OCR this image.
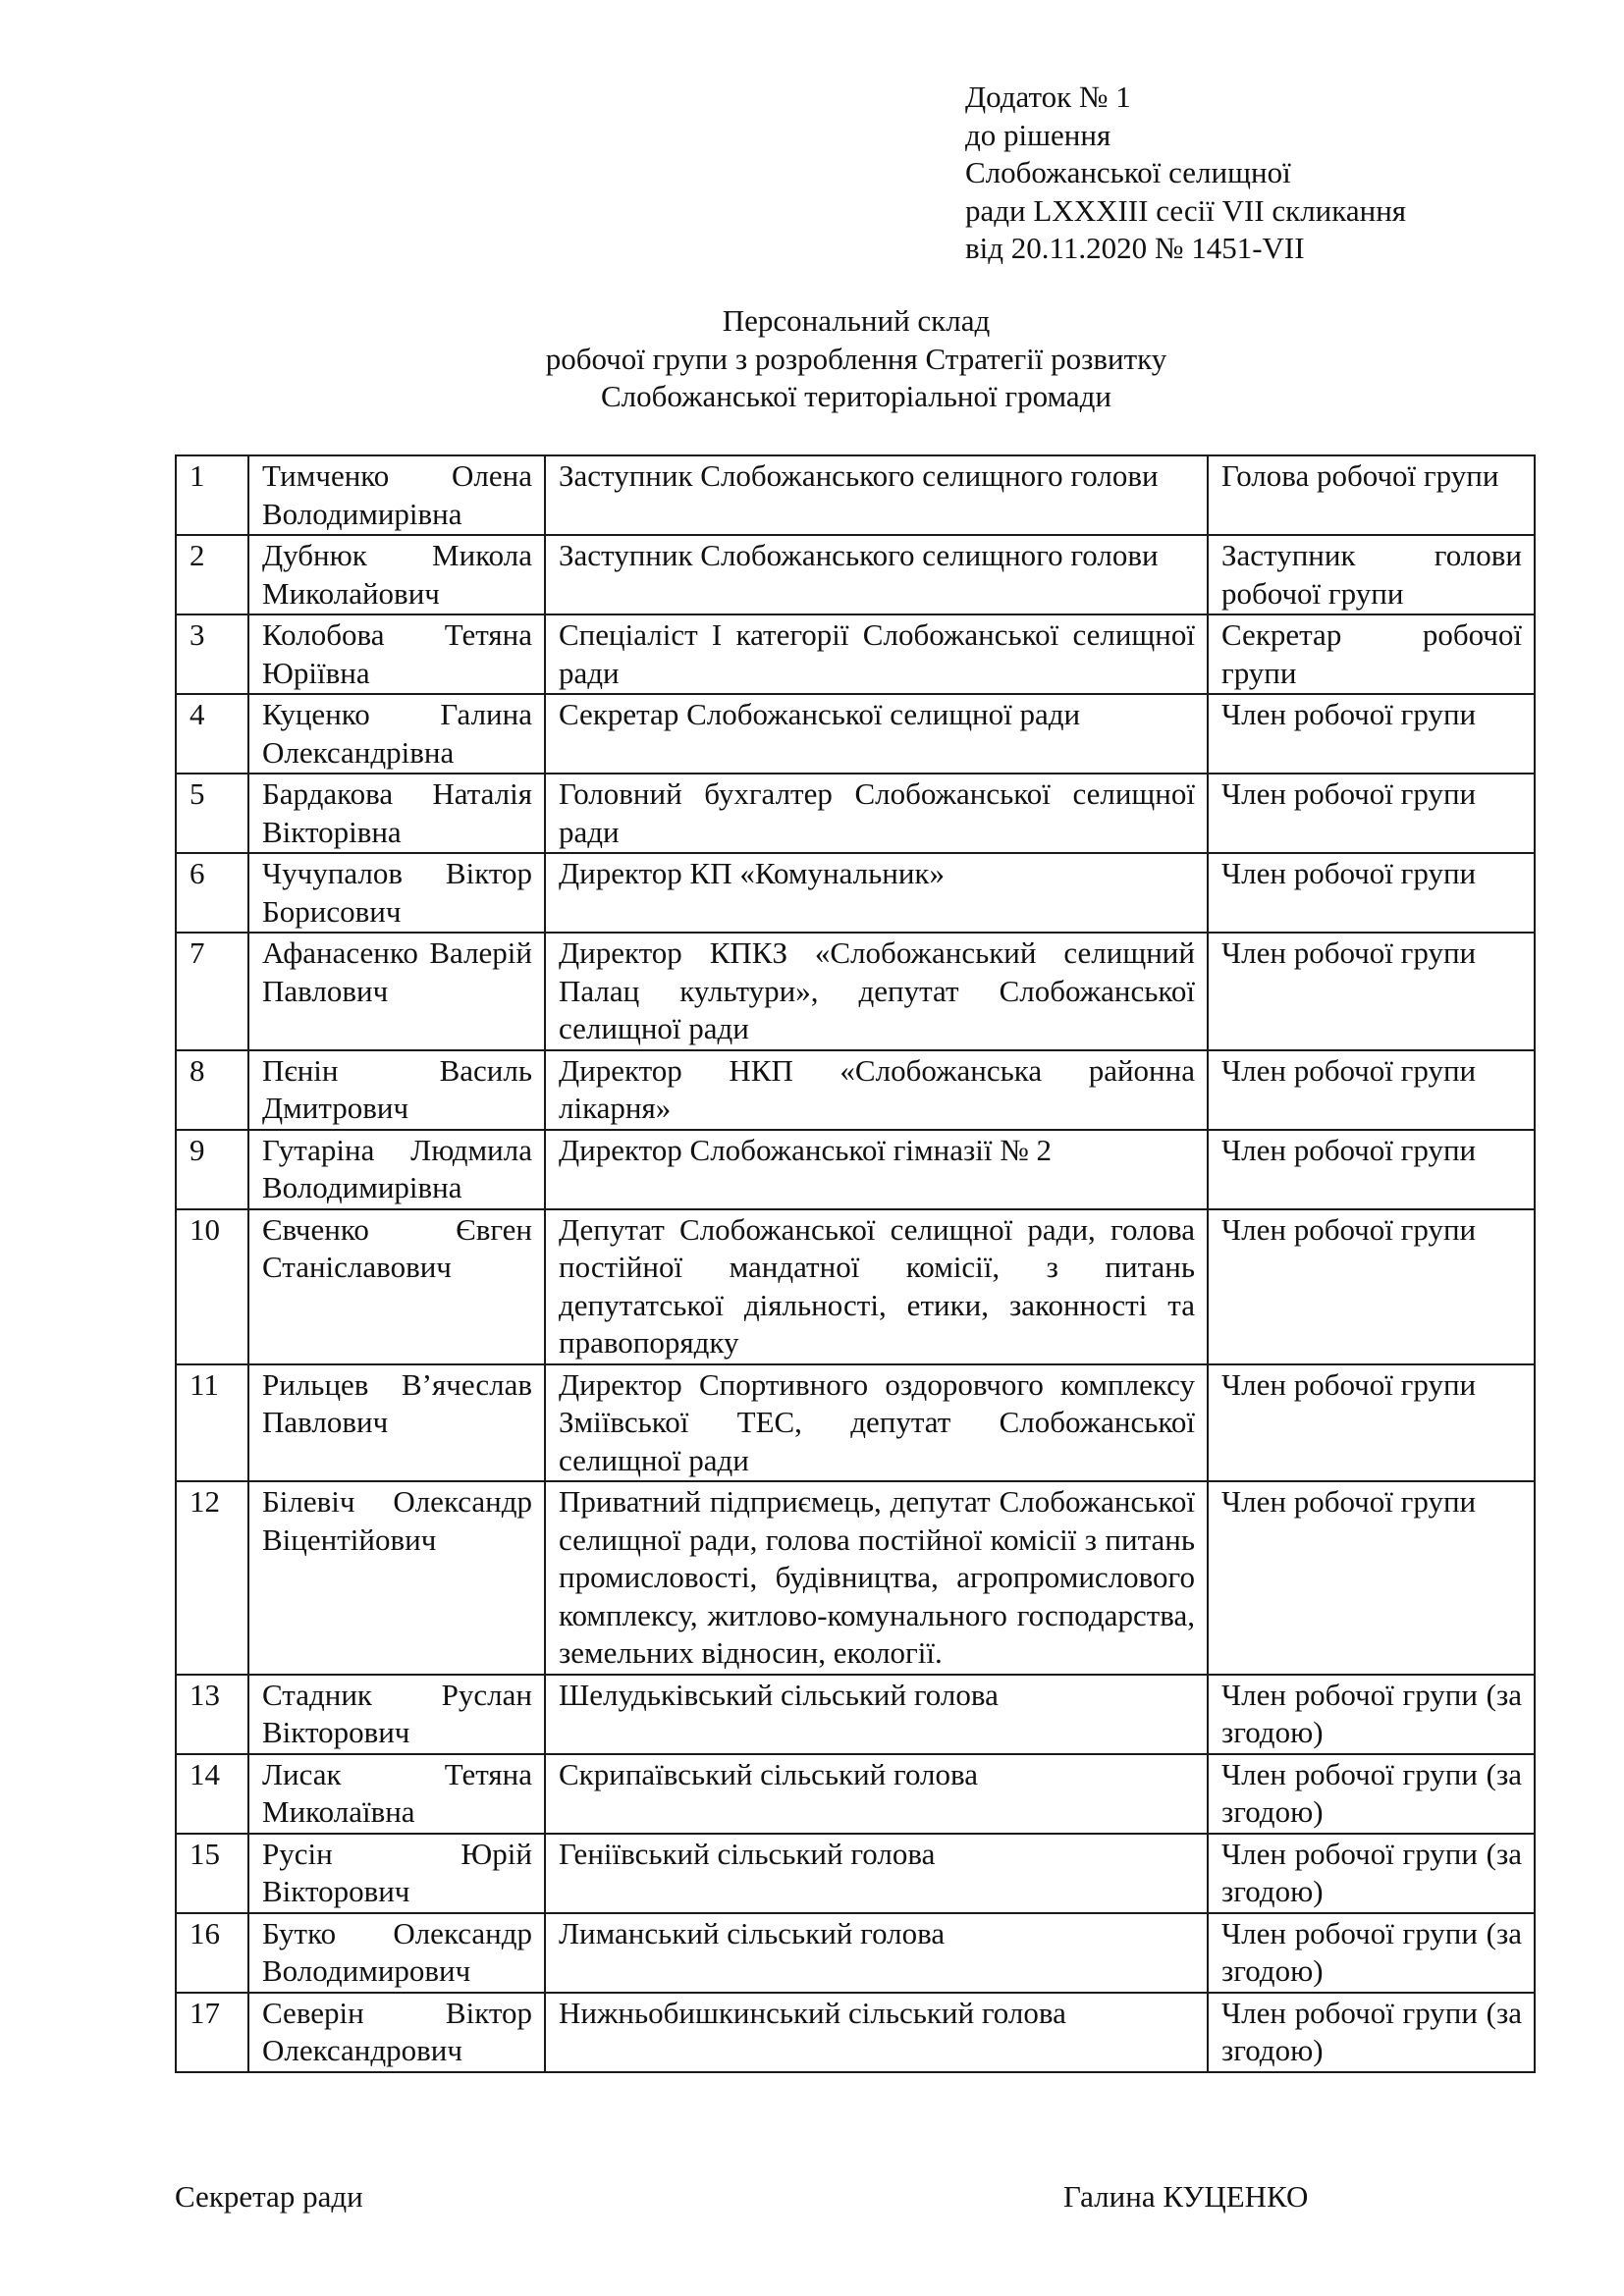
Додаток № 1
до рішення
Слобожанської селищної
ради LXXXIII сесії VII скликання
від 20.11.2020 № 1451-VII
Персональний склад
робочої групи з розроблення Стратегії розвитку
Слобожанської територіальної громади
1	Тимченко Олена Володимирівна	Заступник Слобожанського селищного голови	Голова робочої групи
2	Дубнюк Микола Миколайович	Заступник Слобожанського селищного голови	Заступник голови робочої групи
3	Колобова Тетяна Юріївна	Спеціаліст І категорії Слобожанської селищної ради	Секретар робочої групи
4	Куценко Галина Олександрівна	Секретар Слобожанської селищної ради	Член робочої групи
5	Бардакова Наталія Вікторівна	Головний бухгалтер Слобожанської селищної ради	Член робочої групи
6	Чучупалов Віктор Борисович	Директор КП «Комунальник»	Член робочої групи
7	Афанасенко Валерій Павлович	Директор КПКЗ «Слобожанський селищний Палац культури», депутат Слобожанської селищної ради	Член робочої групи
8	Пєнін Василь Дмитрович	Директор НКП «Слобожанська районна лікарня»	Член робочої групи
9	Гутаріна Людмила Володимирівна	Директор Слобожанської гімназії № 2	Член робочої групи
10	Євченко Євген Станіславович	Депутат Слобожанської селищної ради, голова постійної мандатної комісії, з питань депутатської діяльності, етики, законності та правопорядку	Член робочої групи
11	Рильцев В’ячеслав Павлович	Директор Спортивного оздоровчого комплексу Зміївської ТЕС, депутат Слобожанської селищної ради	Член робочої групи
12	Білевіч Олександр Віцентійович	Приватний підприємець, депутат Слобожанської селищної ради, голова постійної комісії з питань промисловості, будівництва, агропромислового комплексу, житлово-комунального господарства, земельних відносин, екології.	Член робочої групи
13	Стадник Руслан Вікторович	Шелудьківський сільський голова	Член робочої групи (за згодою)
14	Лисак Тетяна Миколаївна	Скрипаївський сільський голова	Член робочої групи (за згодою)
15	Русін Юрій Вікторович	Геніївський сільський голова	Член робочої групи (за згодою)
16	Бутко Олександр Володимирович	Лиманський сільський голова	Член робочої групи (за згодою)
17	Северін Віктор Олександрович	Нижньобишкинський сільський голова	Член робочої групи (за згодою)
Секретар ради	Галина КУЦЕНКО
